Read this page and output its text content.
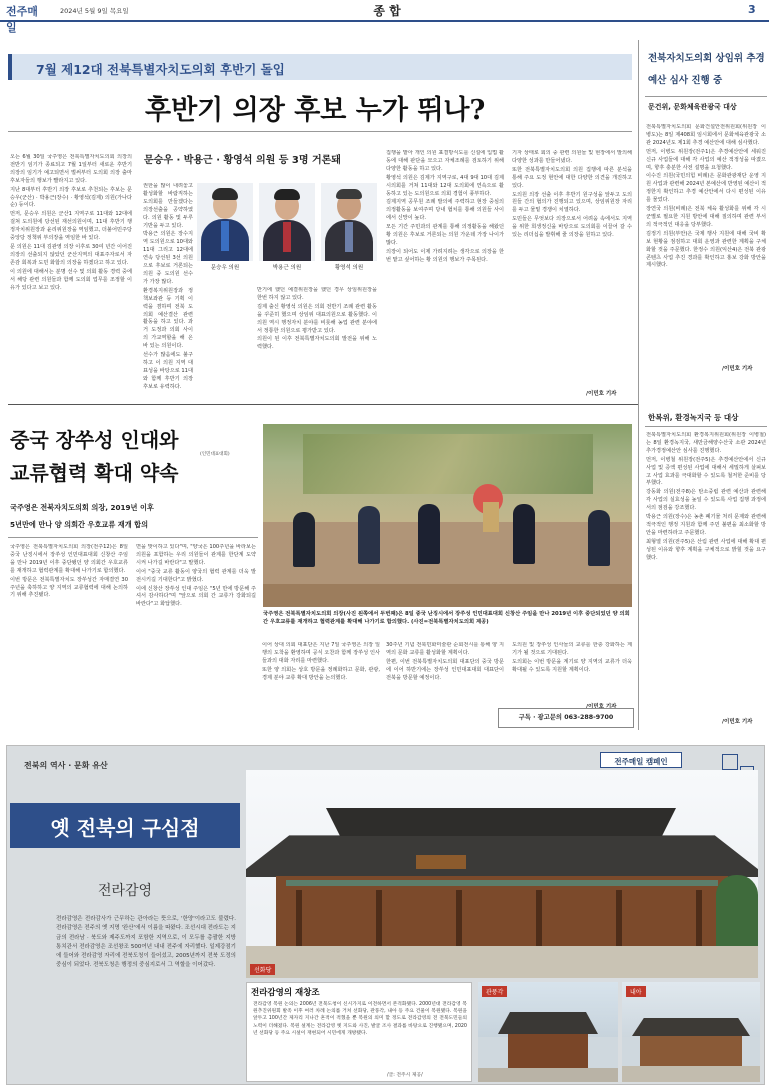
전주매일
2024년 5월 9일 목요일	종 합	3
7월 제12대 전북특별자치도의회 후반기 돌입
후반기 의장 후보 누가 뛰나?
문승우 · 박용근 · 황영석 의원 등 3명 거론돼
문승우 의원	박용근 의원	황영석 의원

오는 6월 30일 국주영은 전북특별자치도의회 의장의 전반기 임기가 종료되고 7월 1일부터 새로운 후반기 의장의 임기가 예고되면서 벌써부터 도의회 의장 출마 후보자들의 행보가 빨라지고 있다.

지난 8대부터 후반기 의장 후보로 추천되는 후보는 문승우(군산) · 박용근(장수) · 황영석(김제) 의원(가나다 순) 등이다.

먼저, 문승우 의원은 군산1 지역구로 11대와 12대에 걸쳐 도의원에 당선된 재선의원이며, 11대 후반기 행정자치위원장과 윤리위원장을 역임했고, 더불어민주당 중앙당 정책위 부의장을 역임한 바 있다.

문 의원은 11대 김관영 의장 이후로 30여 년간 이어진 의장의 선출되지 않았던 군산지역의 대표주자로서 자존감 회복과 도민 화합의 의장을 하겠다고 하고 있다.

이 의원에 대해서는 분명 선수 및 의회 활동 경력 중에서 해당 관련 의원들과 함께 도의회 업무를 조정할 이유가 있다고 보고 있다.

권한을 많이 내려놓고 활성화할 바람직하는 도의회를 만들겠다는 의장선출을 공약하였다. 의원 활동 및 두루 기반을 두고 있다.

박용근 의원은 장수지역 도의원으로 10대와 11대 그리고 12대에 연속 당선된 3선 의원으로 후보로 거론되는 의원 중 도의원 선수가 가장 많다.

환경복지위원장과 정책보좌관 등 기획 이력을 겸하며 전북 도의회 예산결산 관련 활동을 하고 있다. 과거 도정과 의회 사이의 가교역할을 해 온 바 있는 의원이다.

선수가 많음에도 불구하고 이 의원 지역 대표성을 바탕으로 11대와 함께 후반기 의장 후보로 유력하다.

반기에 했던 예결위원장을 했던 경우 상임위원장을 한번 하지 않고 있다.

김제 출신 황영석 의원은 의회 전반기 조례 관련 활동을 꾸준히 했으며 상임위 대표의원으로 활동했다. 이 의원 역시 행정자치 분야를 비롯해 농업 관련 분야에서 정통한 의원으로 평가받고 있다.

의원이 된 이후 전북특별자치도의회 발전을 위해 노력했다.

집행을 맡아 개인 의원 표결방식도를 신설에 입법 활동에 대해 판단을 모으고 자체조례를 검토하기 위해 다양한 활동을 하고 있다.

황영석 의원은 김제가 지역구로, 4대 9대 10대 김제시의회를 거쳐 11대와 12대 도의회에 연속으로 활동하고 있는 도의원으로 의회 경험이 풍부하다.

김제지역 공무원 조례 발의에 주력하고 현장 중심의 의정활동을 보여주며 당내 협치를 통해 의원들 사이에서 신망이 높다.

모든 기간 주민과의 관계를 통해 의정활동을 해왔던 황 의원은 후보로 거론되는 의원 가운데 가장 나이가 많다.

의장이 되어도 이제 가려지려는 생각으로 의장을 한 번 맡고 싶어하는 황 의원의 행보가 주목된다.

기자 상태로 회의 중 관련 의원들 및 현장에서 발의해 다양한 성과를 만들어냈다.

또한 전북특별자치도의회 의원 집행에 따른 분석을 통해 주요 도정 현안에 대한 다양한 의견을 개진하고 있다.

도의원 의장 선출 이후 후반기 원구성을 앞두고 도의원들 간의 협의가 진행되고 있으며, 상임위원장 자리를 두고 물밑 경쟁이 치열하다.

도민들은 무엇보다 의장으로서 어려움 속에서도 지역을 위한 희생정신을 바탕으로 도의회를 이끌어 갈 수 있는 리더십을 발휘해 줄 의장을 원하고 있다.

/이민호 기자
전북자치도의회 상임위 추경예산 심사 진행 중
문건위, 문화체육관광국 대상

전북특별자치도의회 문화건설안전위원회(위원장 이병도)는 8일 제408회 임시회에서 문화체육관광국 소관 2024년도 제1회 추경 예산안에 대해 심사했다.

먼저, 이병도 위원장(전주1)은 추경예산안에 세워진 신규 사업들에 대해 각 사업의 예산 적정성을 따졌으며, 향후 충분한 사전 설명을 요청했다.

이수진 의원(국민의힘 비례)은 문화관광재단 운영 지원 사업과 관련해 2024년 본예산에 반영된 예산이 적정한지 확인하고 추경 예산안에서 다시 편성된 이유를 물었다.

장연국 의원(비례)은 전북 체육 활성화를 위해 각 시군별로 필요한 지원 방안에 대해 질의하며 관련 부서의 적극적인 대응을 당부했다.

김정기 의원(부안)은 국제 행사 지원에 대해 국비 확보 현황을 점검하고 대회 운영과 관련한 계획을 구체화할 것을 주문했다. 한정수 의원(익산4)은 전북 관광 콘텐츠 사업 추진 경과를 확인하고 홍보 강화 방안을 제시했다.

/이민호 기자
한복위, 환경녹지국 등 대상

전북특별자치도의회 환경복지위원회(위원장 이병철)는 8일 환경녹지국, 새만금해양수산국 소관 2024년 추가경정예산안 심사를 진행했다.

먼저, 이병철 위원장(전주5)은 추경예산안에서 신규 사업 및 증액 편성된 사업에 대해서 세밀하게 살펴보고 사업 효과를 극대화할 수 있도록 철저한 준비를 당부했다.

강동화 의원(전주8)은 탄소중립 관련 예산과 관련해 각 사업의 실효성을 높일 수 있도록 사업 집행 과정에서의 점검을 강조했다.

박용근 의원(장수)은 농촌 폐기물 처리 문제와 관련해 적극적인 행정 지원과 함께 주민 불편을 최소화할 방안을 마련하라고 주문했다.

최형열 의원(전주5)은 산림 관련 사업에 대해 확대 편성된 이유와 향후 계획을 구체적으로 밝힐 것을 요구했다.

/이민호 기자
중국 장쑤성 인대와
(인민대표대회)
교류협력 확대 약속
국주영은 전북자치도의회 의장, 2019년 이후
5년만에 만나 양 의회간 우호교류 재개 합의

국주영은 전북특별자치도의회 의장(전주12)은 8일 중국 난징시에서 장쑤성 인민대표대회 신창산 주임을 만나 2019년 이후 중단됐던 양 의회간 우호교류를 재개하고 협력관계를 확대해 나가기로 합의했다.

이번 방문은 전북특별자치도 장쑤성간 자매결연 30주년을 축하하고 양 지역의 교류협력에 대해 논의하기 위해 추진됐다.

면을 맞이하고 있다"며, "양국은 100주년을 바라보는 의원을 포함하는 우리 의원들이 관계를 한단계 도약시켜 나가길 바란다"고 말했다.

이어 "중국 교류 활동이 양국의 협력 관계를 더욱 발전시키길 기대한다"고 밝혔다.

이에 신창산 장쑤성 인대 주임은 "5년 만에 방문해 주셔서 감사하다"며 "앞으로 의회 간 교류가 강화되길 바란다"고 화답했다.

국주영은 전북특별자치도의회 의장(사진 왼쪽에서 두번째)은 8일 중국 난징시에서 장쑤성 인민대표대회 신창산 주임을 만나 2019년 이후 중단되었던 양 의회간 우호교류를 재개하고 협력관계를 확대해 나가기로 합의했다. (사진=전북특별자치도의회 제공)

이어 상대 의회 대표단은 지난 7일 국주영은 의장 일행의 도착을 환영하며 공식 오찬과 함께 장쑤성 인사들과의 대화 자리를 마련했다.

또한 양 의회는 상호 방문을 정례화하고 문화, 관광, 경제 분야 교류 확대 방안을 논의했다.

30주년 기념 전북민화미술관 순회전시를 통해 양 지역의 문화 교류를 활성화할 계획이다.

한편, 이번 전북특별자치도의회 대표단의 중국 방문에 이어 하반기에는 장쑤성 인민대표대회 대표단이 전북을 방문할 예정이다.

도의원 및 장쑤성 인사들의 교류를 한층 강화하는 계기가 될 것으로 기대된다.

도의회는 이번 방문을 계기로 양 지역의 교류가 더욱 확대될 수 있도록 지원할 계획이다.

/이민호 기자
구독 · 광고문의 063-288-9700
전북의 역사 · 문화 유산
옛 전북의 구심점
전라감영
전라감영은 전라감사가 근무하는 관아라는 뜻으로, '한양'이라고도 불렸다. 전라감영은 전주의 옛 지명 '완산'에서 이름을 따왔다. 조선시대 전라도는 지금의 전라남 · 북도와 제주도까지 포함한 지역으로, 이 모두를 총괄한 지방통치관서 전라감영은 조선왕조 500여년 내내 전주에 자리했다. 일제강점기에 들어와 전라감영 자리에 전북도청이 들어섰고, 2005년까지 전북 도정의 중심이 되었다. 전북도청은 행정의 중심지로서 그 역할을 이어갔다.
전주매일 캠페인
선화당
전라감영의 재창조
전라감영 복원 논의는 2006년 전북도청이 신시가지로 이전하면서 본격화됐다. 2000년대 전라감영 복원추진위원회 발족 이후 여러 차례 논의를 거쳐 선화당, 관풍각, 내아 등 주요 건물이 복원됐다. 복원을 앞두고 100년간 제자리 지나간 흔적이 적혔을 뿐 복원의 의미 할 정도로 전라감영의 전 전북도민들의 노력이 더해졌다. 복원 설계는 전라감영 옛 지도와 사진, 발굴 조사 결과를 바탕으로 진행됐으며, 2020년 선화당 등 주요 시설이 재현되어 시민에게 개방됐다.
/글: 전주시 제공/
관풍각	내아
